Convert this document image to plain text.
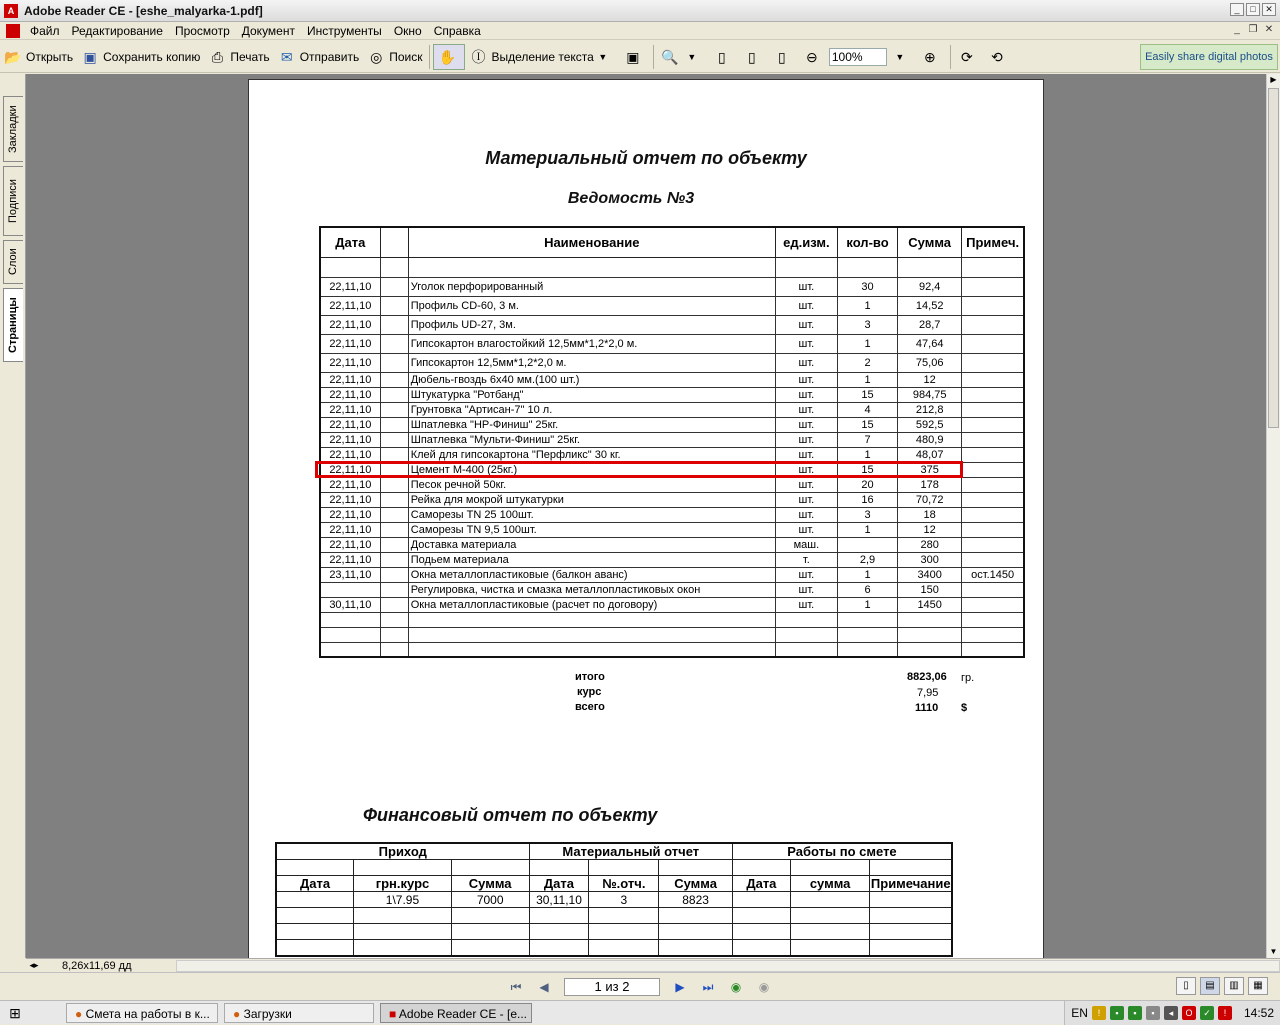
A Adobe Reader CE - [eshe_malyarka-1.pdf]	_	□	✕
Файл	Редактирование	Просмотр	Документ	Инструменты	Окно	Справка	_ ❐ ✕
📂 Открыть ▣ Сохранить копию ⎙ Печать ✉ Отправить ◎ Поиск ✋ Ⓘ Выделение текста ▼	▣ 🔍 ▼	▯	▯	▯	⊖ 100%	▼	⊕ ⟳ ⟲	Easily share digital photos
Закладки
Подписи
Слои
Страницы
Материальный отчет по объекту
Ведомость №3
Дата		Наименование	ед.изм.	кол-во	Сумма	Примеч.

22,11,10		Уголок перфорированный	шт.	30	92,4	
22,11,10		Профиль CD-60, 3 м.	шт.	1	14,52	
22,11,10		Профиль UD-27, 3м.	шт.	3	28,7	
22,11,10		Гипсокартон влагостойкий 12,5мм*1,2*2,0 м.	шт.	1	47,64	
22,11,10		Гипсокартон 12,5мм*1,2*2,0 м.	шт.	2	75,06	
22,11,10		Дюбель-гвоздь 6х40 мм.(100 шт.)	шт.	1	12	
22,11,10		Штукатурка "Ротбанд"	шт.	15	984,75	
22,11,10		Грунтовка "Артисан-7" 10 л.	шт.	4	212,8	
22,11,10		Шпатлевка "НР-Финиш" 25кг.	шт.	15	592,5	
22,11,10		Шпатлевка "Мульти-Финиш" 25кг.	шт.	7	480,9	
22,11,10		Клей для гипсокартона "Перфликс" 30 кг.	шт.	1	48,07	
22,11,10		Цемент М-400 (25кг.)	шт.	15	375	
22,11,10		Песок речной 50кг.	шт.	20	178	
22,11,10		Рейка для мокрой штукатурки	шт.	16	70,72	
22,11,10		Саморезы TN 25 100шт.	шт.	3	18	
22,11,10		Саморезы TN 9,5 100шт.	шт.	1	12	
22,11,10		Доставка материала	маш.		280	
22,11,10		Подьем материала	т.	2,9	300	
23,11,10		Окна металлопластиковые (балкон аванс)	шт.	1	3400	ост.1450
		Регулировка, чистка и смазка металлопластиковых окон	шт.	6	150	
30,11,10		Окна металлопластиковые (расчет по договору)	шт.	1	1450	

итого	8823,06 гр.
курс	7,95
всего	1110 $
Финансовый отчет по объекту
Приход			Материальный отчет			Работы по смете		

Дата	грн.курс	Сумма	Дата	№.отч.	Сумма	Дата	сумма	Примечание
	1\7.95	7000	30,11,10	3	8823			

▶
▼
◂▸	8,26x11,69 дд
⏮	◀	1 из 2	▶	⏭	◉	◉	▯	▤	▥	▦
⊞	● Смета на работы в к...	● Загрузки	■ Adobe Reader CE - [e...	EN	!	▪	▪	▪	◂	O	✓	!	14:52
